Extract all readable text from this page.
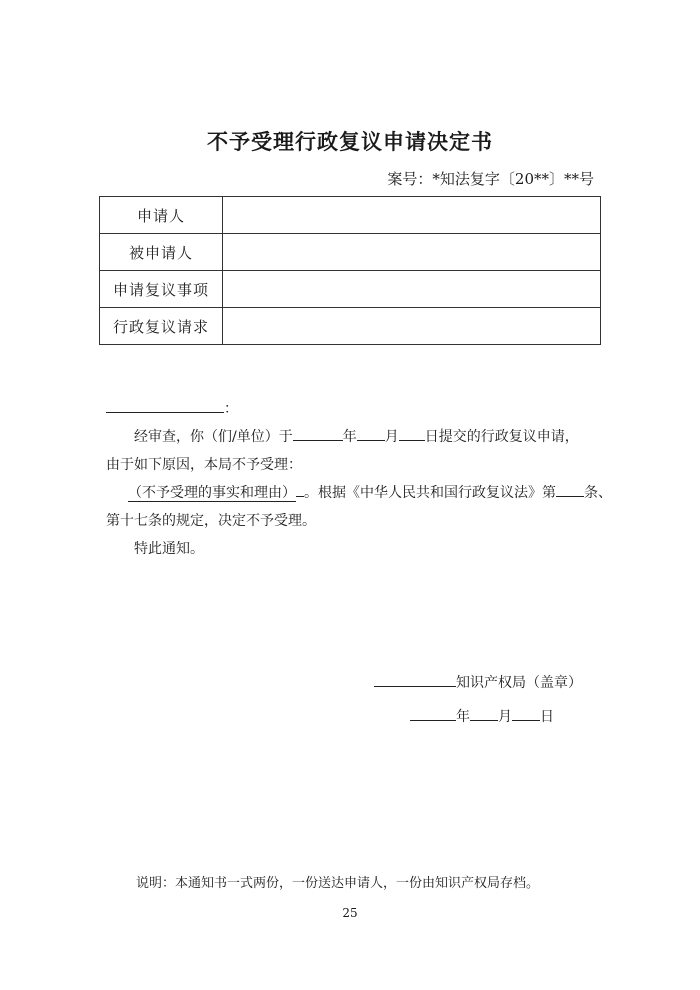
不予受理行政复议申请决定书
案号：*知法复字〔20**〕**号
申请人	
被申请人	
申请复议事项	
行政复议请求	
：
经审查，你（们/单位）于	年 月 日提交的行政复议申请，
由于如下原因，本局不予受理：
（不予受理的事实和理由） 。根据《中华人民共和国行政复议法》第 条、
第十七条的规定，决定不予受理。
特此通知。
知识产权局（盖章）
年 月 日
说明：本通知书一式两份，一份送达申请人，一份由知识产权局存档。
25
